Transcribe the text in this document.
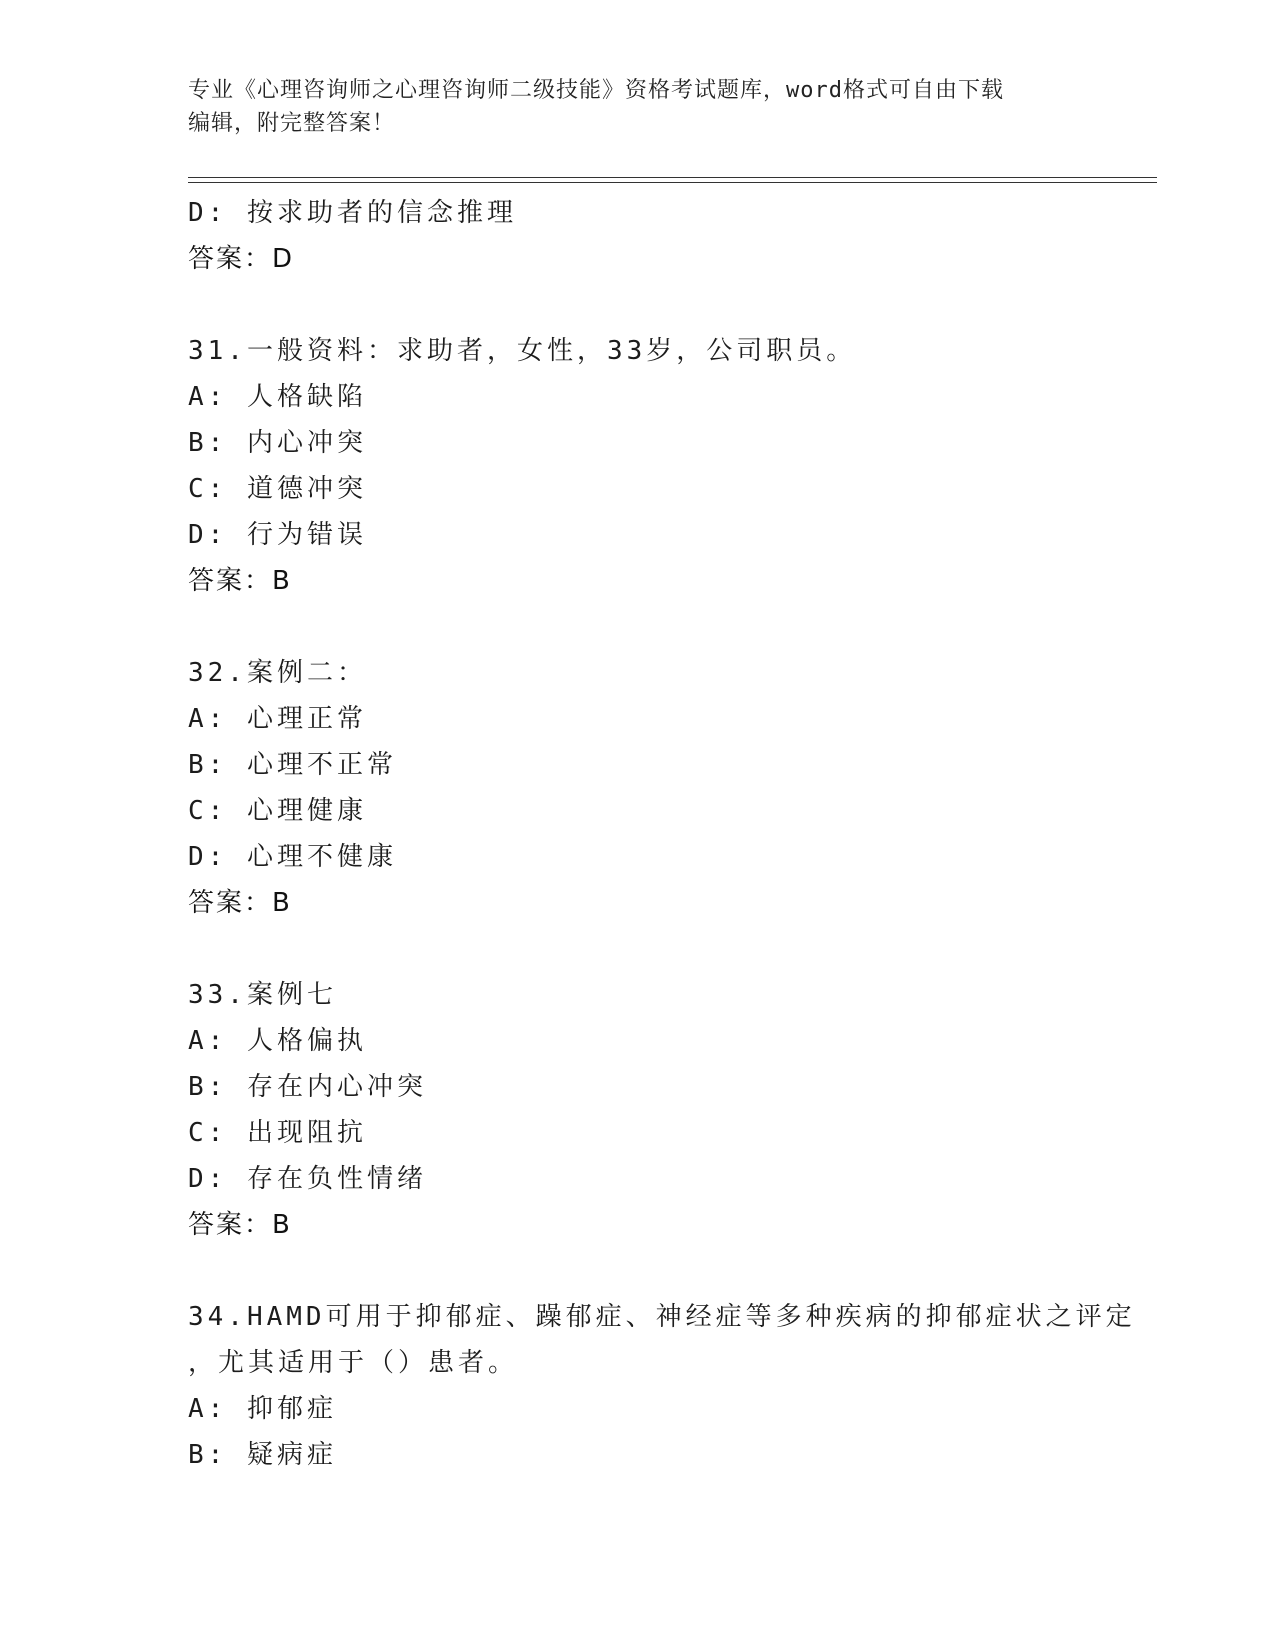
专业《心理咨询师之心理咨询师二级技能》资格考试题库，word格式可自由下载
编辑，附完整答案！
D: 按求助者的信念推理
答案：D
31.一般资料：求助者，女性，33岁，公司职员。
A: 人格缺陷
B: 内心冲突
C: 道德冲突
D: 行为错误
答案：B
32.案例二：
A: 心理正常
B: 心理不正常
C: 心理健康
D: 心理不健康
答案：B
33.案例七
A: 人格偏执
B: 存在内心冲突
C: 出现阻抗
D: 存在负性情绪
答案：B
34.HAMD可用于抑郁症、躁郁症、神经症等多种疾病的抑郁症状之评定
，尤其适用于（）患者。
A: 抑郁症
B: 疑病症
